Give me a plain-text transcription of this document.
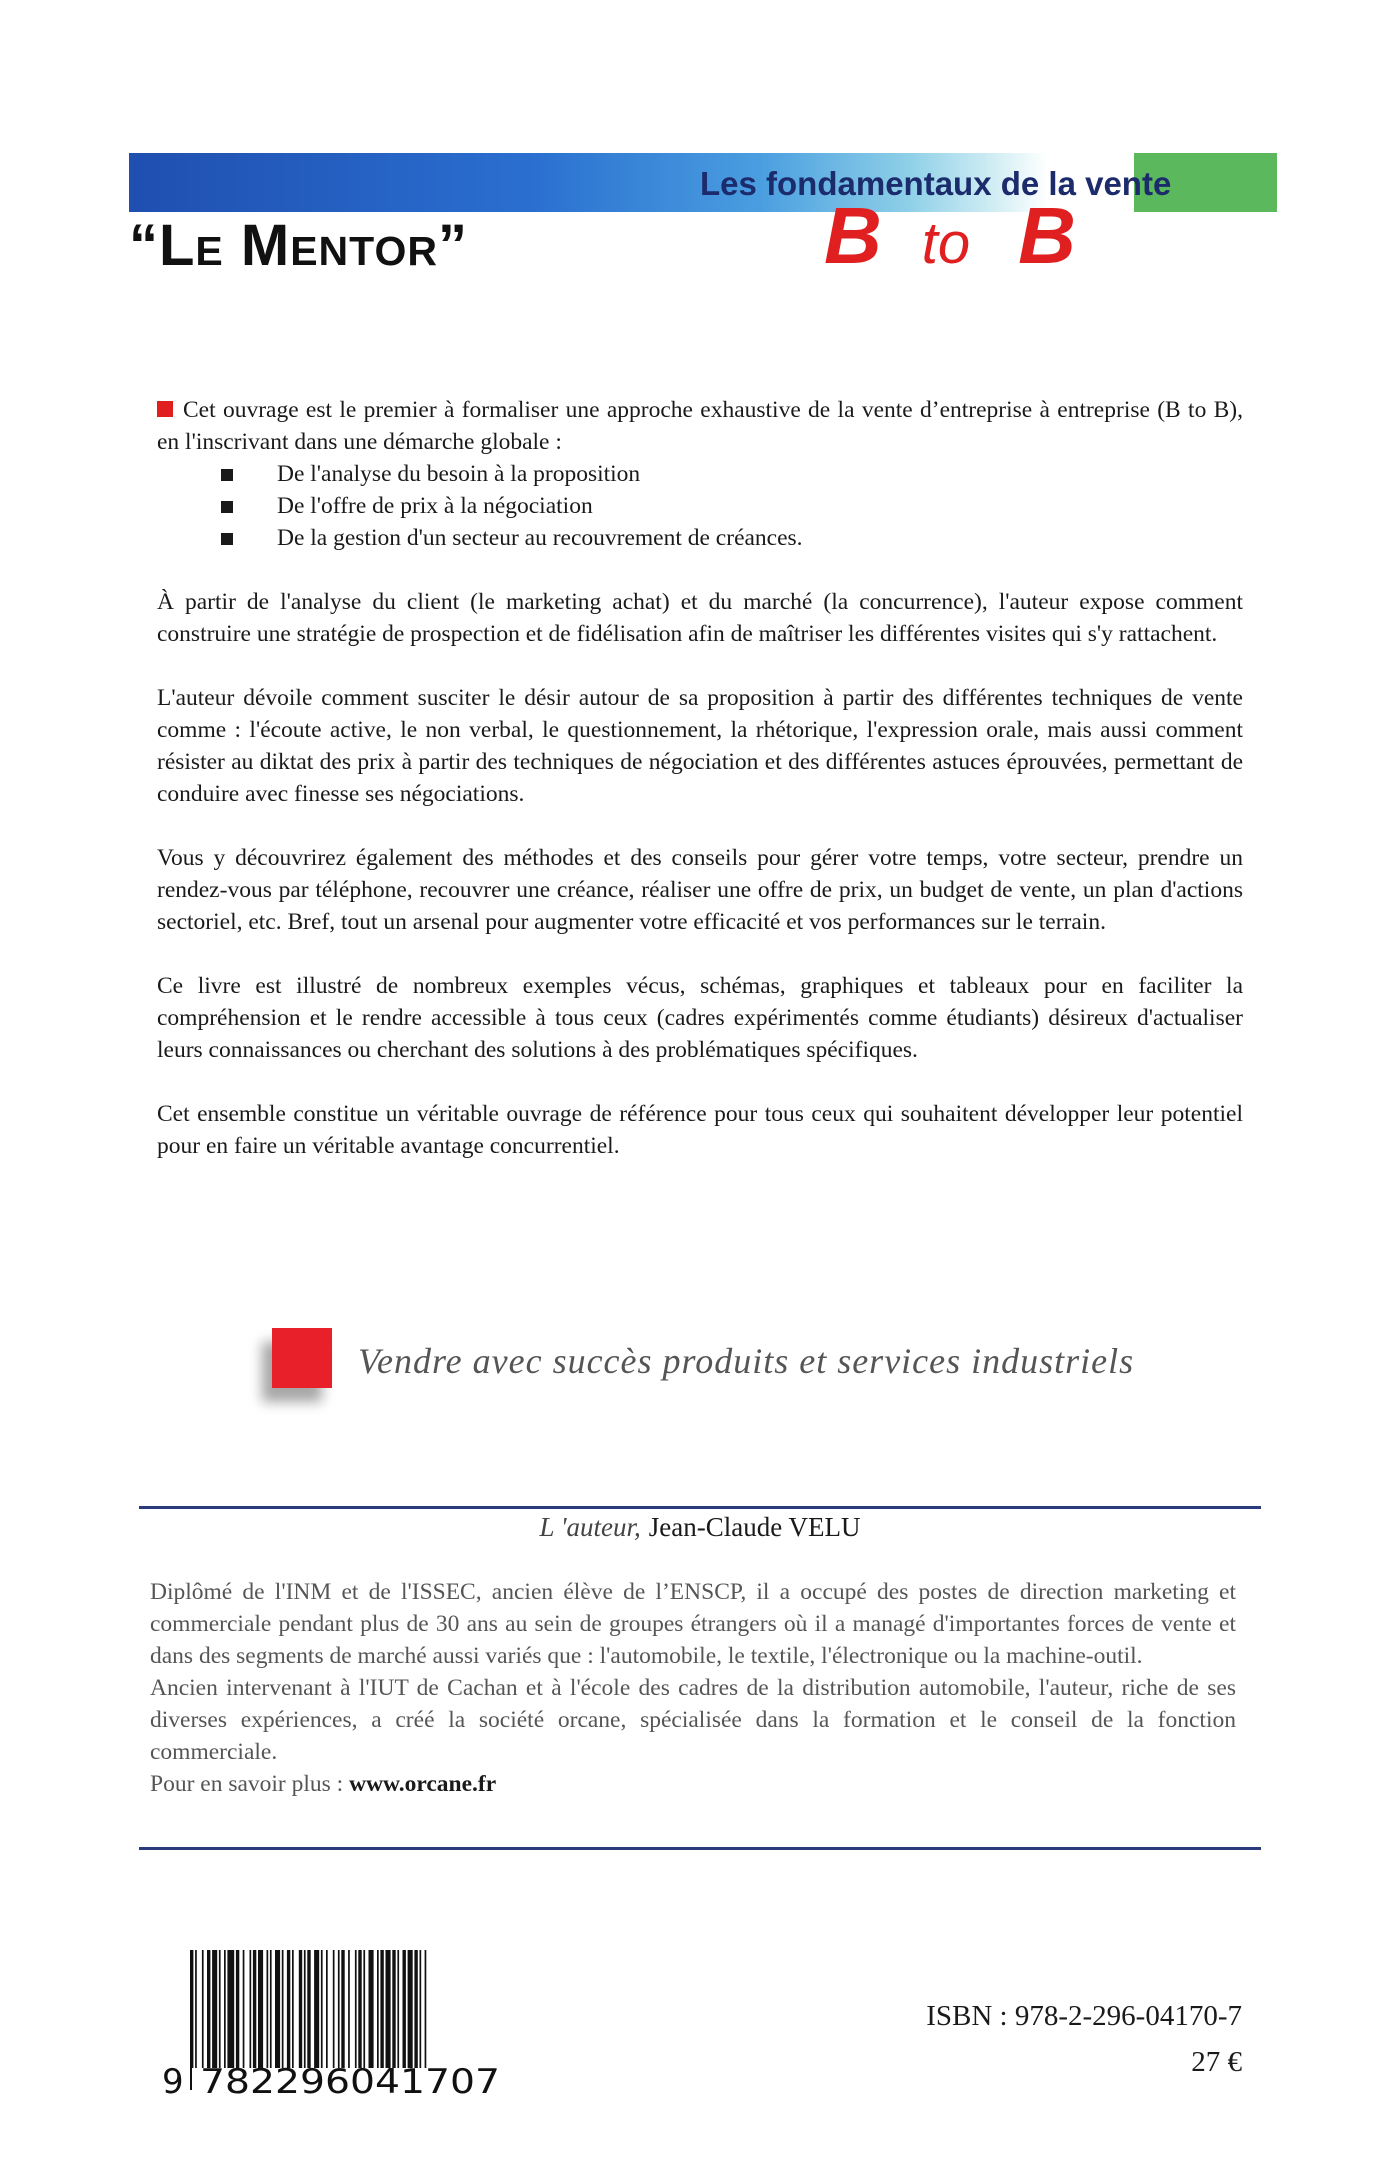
Les fondamentaux de la vente
“Le Mentor”	B to B

Cet ouvrage est le premier à formaliser une approche exhaustive de la vente d’entreprise à entreprise (B to B), en l'inscrivant dans une démarche globale :

De l'analyse du besoin à la proposition
De l'offre de prix à la négociation
De la gestion d'un secteur au recouvrement de créances.

À partir de l'analyse du client (le marketing achat) et du marché (la concurrence), l'auteur expose comment construire une stratégie de prospection et de fidélisation afin de maîtriser les différentes visites qui s'y rattachent.

L'auteur dévoile comment susciter le désir autour de sa proposition à partir des différentes techniques de vente comme : l'écoute active, le non verbal, le questionnement, la rhétorique, l'expression orale, mais aussi comment résister au diktat des prix à partir des techniques de négociation et des différentes astuces éprouvées, permettant de conduire avec finesse ses négociations.

Vous y découvrirez également des méthodes et des conseils pour gérer votre temps, votre secteur, prendre un rendez-vous par téléphone, recouvrer une créance, réaliser une offre de prix, un budget de vente, un plan d'actions sectoriel, etc. Bref, tout un arsenal pour augmenter votre efficacité et vos performances sur le terrain.

Ce livre est illustré de nombreux exemples vécus, schémas, graphiques et tableaux pour en faciliter la compréhension et le rendre accessible à tous ceux (cadres expérimentés comme étudiants) désireux d'actualiser leurs connaissances ou cherchant des solutions à des problématiques spécifiques.

Cet ensemble constitue un véritable ouvrage de référence pour tous ceux qui souhaitent développer leur potentiel pour en faire un véritable avantage concurrentiel.

Vendre avec succès produits et services industriels
L 'auteur, Jean-Claude VELU

Diplômé de l'INM et de l'ISSEC, ancien élève de l’ENSCP, il a occupé des postes de direction marketing et commerciale pendant plus de 30 ans au sein de groupes étrangers où il a managé d'importantes forces de vente et dans des segments de marché aussi variés que : l'automobile, le textile, l'électronique ou la machine-outil.

Ancien intervenant à l'IUT de Cachan et à l'école des cadres de la distribution automobile, l'auteur, riche de ses diverses expériences, a créé la société orcane, spécialisée dans la formation et le conseil de la fonction commerciale.

Pour en savoir plus : www.orcane.fr

9 782296041707
ISBN : 978-2-296-04170-7
27 €
